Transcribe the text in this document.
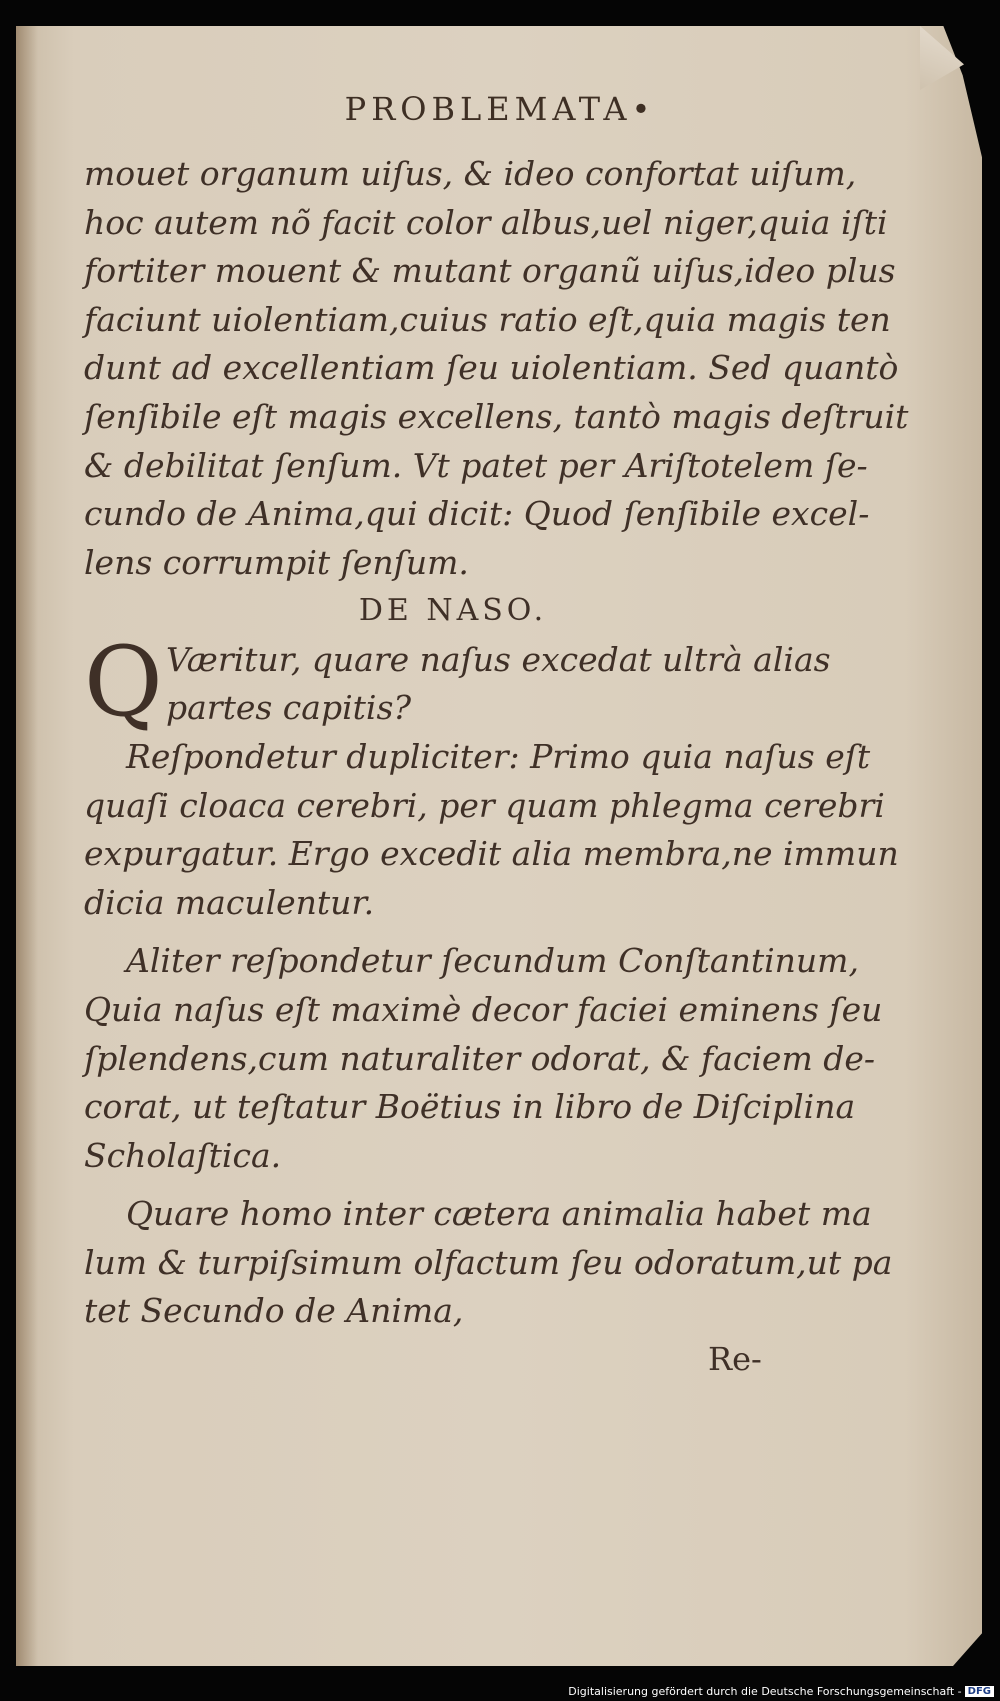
PROBLEMATA•
mouet organum uiſus, & ideo confortat uiſum,
hoc autem nõ facit color albus,uel niger,quia iſti
fortiter mouent & mutant organũ uiſus,ideo plus
faciunt uiolentiam,cuius ratio eſt,quia magis ten
dunt ad excellentiam ſeu uiolentiam. Sed quantò
ſenſibile eſt magis excellens, tantò magis deſtruit
& debilitat ſenſum. Vt patet per Ariſtotelem ſe-
cundo de Anima,qui dicit: Quod ſenſibile excel-
lens corrumpit ſenſum.
DE NASO.
Q Væritur, quare naſus excedat ultrà alias
partes capitis?
Reſpondetur dupliciter: Primo quia naſus eſt
quaſi cloaca cerebri, per quam phlegma cerebri
expurgatur. Ergo excedit alia membra,ne immun
dicia maculentur.
Aliter reſpondetur ſecundum Conſtantinum,
Quia naſus eſt maximè decor faciei eminens ſeu
ſplendens,cum naturaliter odorat, & faciem de-
corat, ut teſtatur Boëtius in libro de Diſciplina
Scholaſtica.
Quare homo inter cætera animalia habet ma
lum & turpiſsimum olfactum ſeu odoratum,ut pa
tet Secundo de Anima,
Re-
Digitalisierung gefördert durch die Deutsche Forschungsgemeinschaft - DFG
